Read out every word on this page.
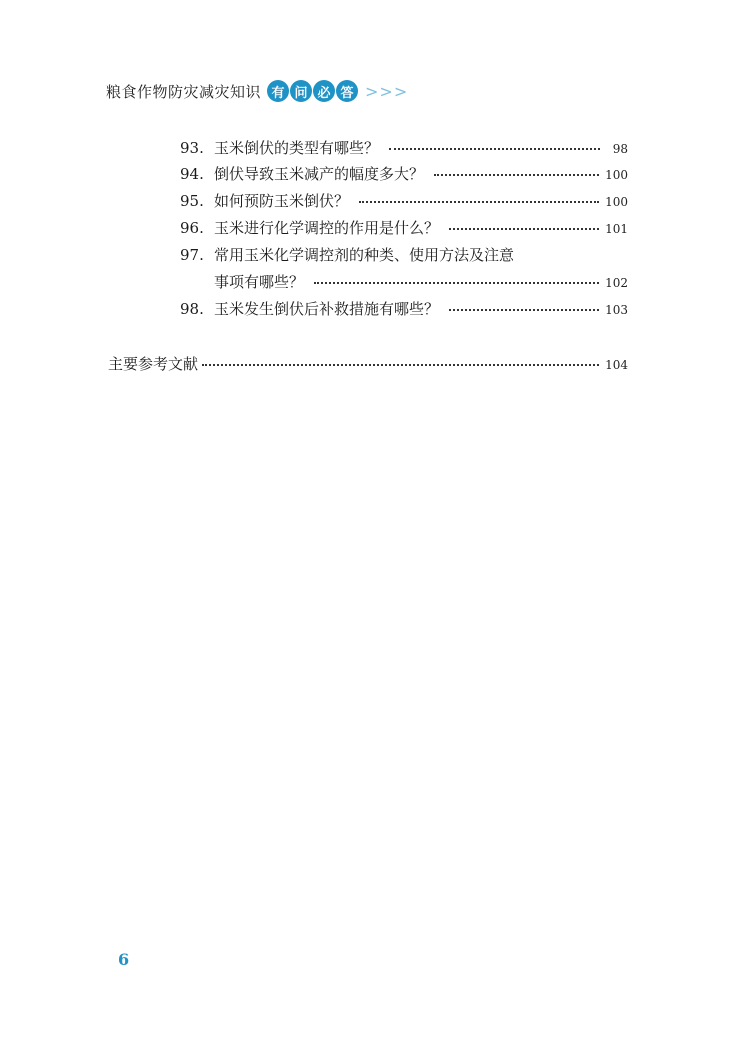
粮食作物防灾减灾知识 有 问 必 答 >>>
93. 玉米倒伏的类型有哪些？	98
94. 倒伏导致玉米减产的幅度多大？	100
95. 如何预防玉米倒伏？	100
96. 玉米进行化学调控的作用是什么？	101
97. 常用玉米化学调控剂的种类、使用方法及注意
事项有哪些？	102
98. 玉米发生倒伏后补救措施有哪些？	103
主要参考文献	104
6
